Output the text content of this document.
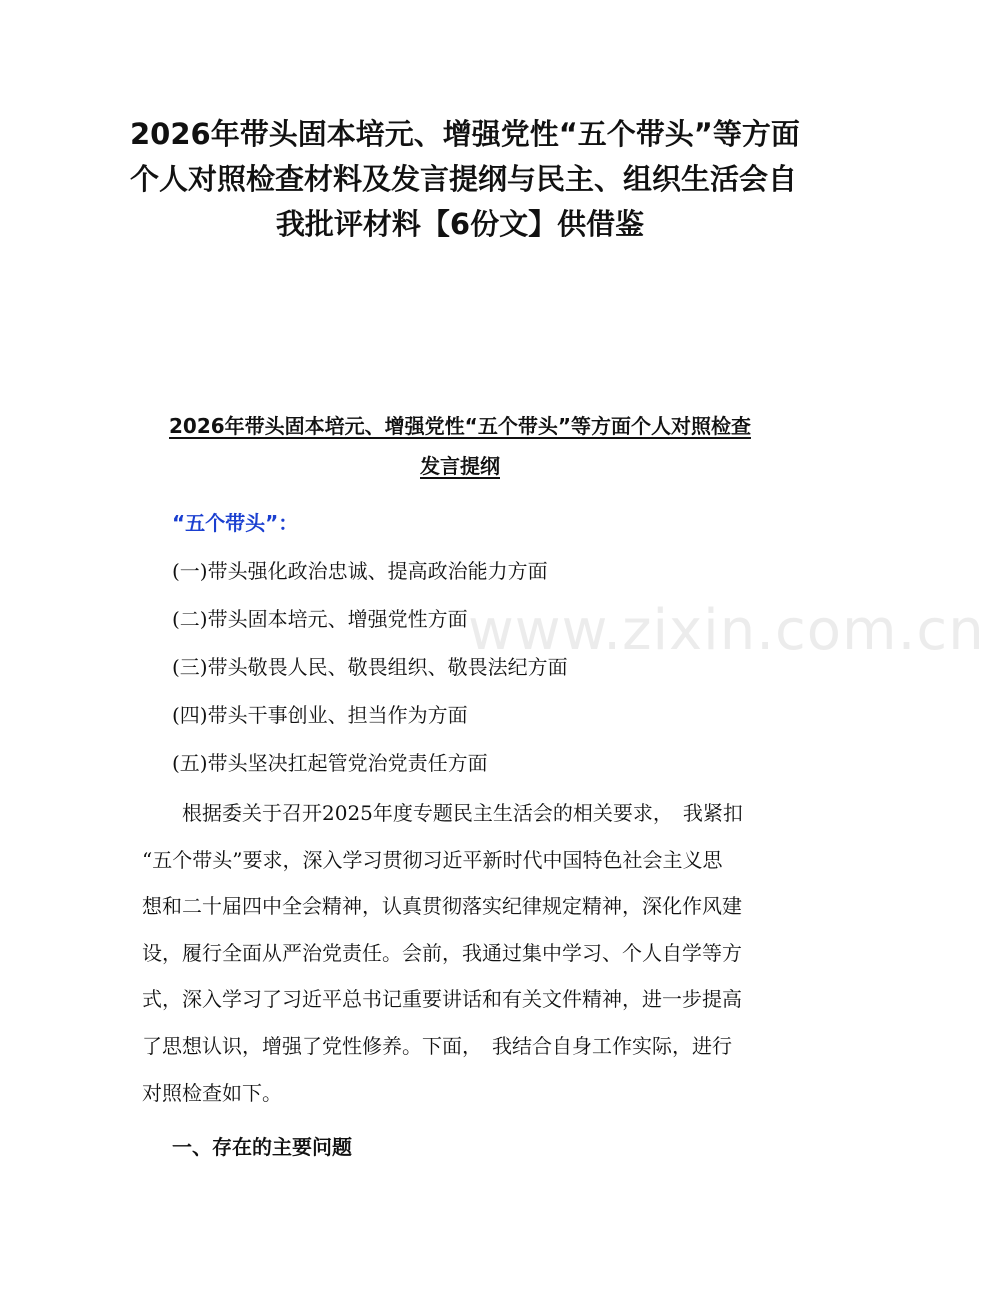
2026年带头固本培元、增强党性“五个带头”等方面
个人对照检查材料及发言提纲与民主、组织生活会自
我批评材料【6份文】供借鉴
2026年带头固本培元、增强党性“五个带头”等方面个人对照检查
发言提纲
“五个带头”：
(一)带头强化政治忠诚、提高政治能力方面
(二)带头固本培元、增强党性方面
(三)带头敬畏人民、敬畏组织、敬畏法纪方面
(四)带头干事创业、担当作为方面
(五)带头坚决扛起管党治党责任方面
　　根据委关于召开2025年度专题民主生活会的相关要求，　我紧扣
“五个带头”要求，深入学习贯彻习近平新时代中国特色社会主义思
想和二十届四中全会精神，认真贯彻落实纪律规定精神，深化作风建
设，履行全面从严治党责任。会前，我通过集中学习、个人自学等方
式，深入学习了习近平总书记重要讲话和有关文件精神，进一步提高
了思想认识，增强了党性修养。下面，　我结合自身工作实际，进行
对照检查如下。
一、存在的主要问题
www.zixin.com.cn
